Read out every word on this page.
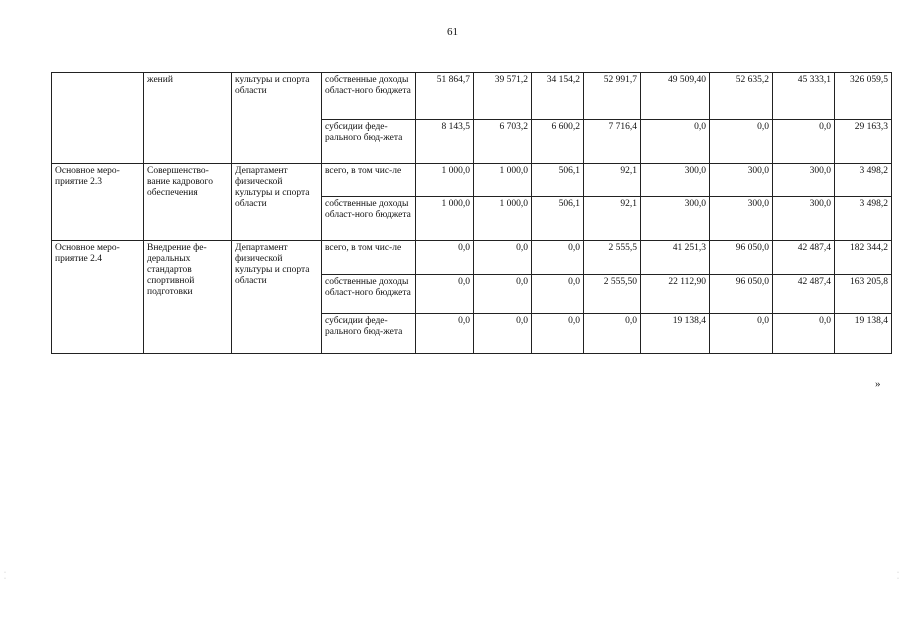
61
	жений	культуры и спорта области	собственные доходы област-ного бюджета	51 864,7	39 571,2	34 154,2	52 991,7	49 509,40	52 635,2	45 333,1	326 059,5
			субсидии феде-рального бюд-жета	8 143,5	6 703,2	6 600,2	7 716,4	0,0	0,0	0,0	29 163,3
Основное меро-приятие 2.3	Совершенство-вание кадрового обеспечения	Департамент физической культуры и спорта области	всего, в том чис-ле	1 000,0	1 000,0	506,1	92,1	300,0	300,0	300,0	3 498,2
			собственные доходы област-ного бюджета	1 000,0	1 000,0	506,1	92,1	300,0	300,0	300,0	3 498,2
Основное меро-приятие 2.4	Внедрение фе-деральных стандартов спортивной подготовки	Департамент физической культуры и спорта области	всего, в том чис-ле	0,0	0,0	0,0	2 555,5	41 251,3	96 050,0	42 487,4	182 344,2
			собственные доходы област-ного бюджета	0,0	0,0	0,0	2 555,50	22 112,90	96 050,0	42 487,4	163 205,8
			субсидии феде-рального бюд-жета	0,0	0,0	0,0	0,0	19 138,4	0,0	0,0	19 138,4
»
·
·
·
·
